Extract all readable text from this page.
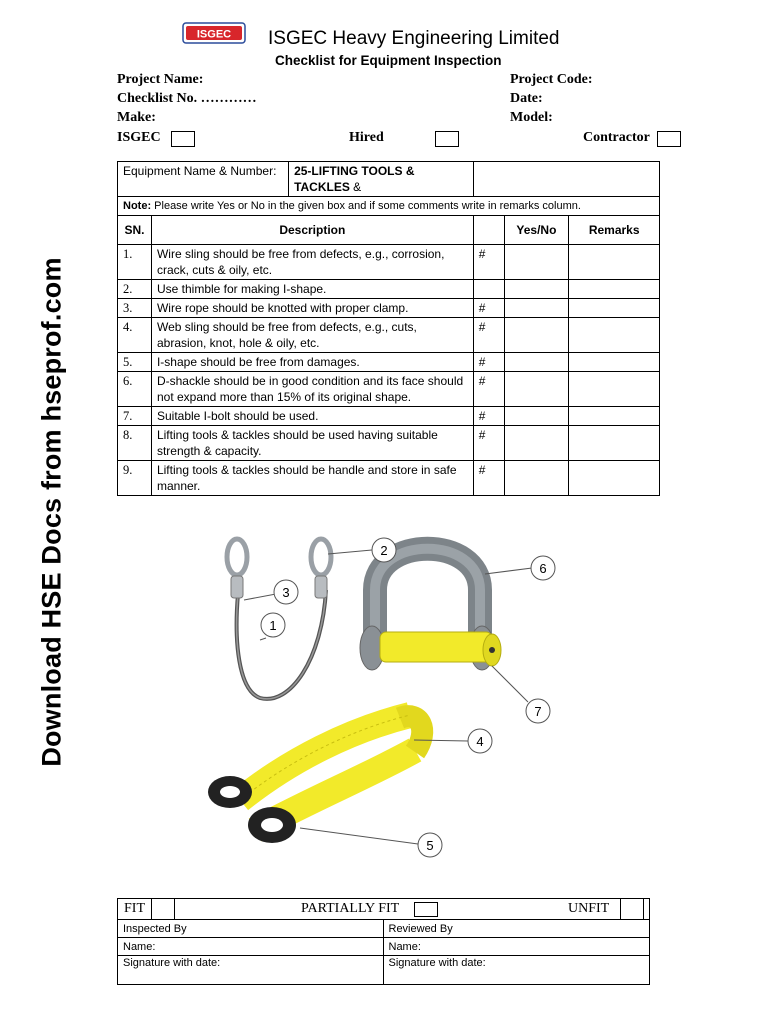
ISGEC ISGEC Heavy Engineering Limited
Checklist for Equipment Inspection
Project Name:	Project Code:
Checklist No. …………	Date:
Make:	Model:
ISGEC	Hired	Contractor
Download HSE Docs from hseprof.com
Equipment Name & Number: 25-LIFTING TOOLS & TACKLES &				

Note: Please write Yes or No in the given box and if some comments write in remarks column.				
SN.	Description		Yes/No	Remarks
1.	Wire sling should be free from defects, e.g., corrosion, crack, cuts & oily, etc.	#		
2.	Use thimble for making I-shape.			
3.	Wire rope should be knotted with proper clamp.	#		
4.	Web sling should be free from defects, e.g., cuts, abrasion, knot, hole & oily, etc.	#		
5.	I-shape should be free from damages.	#		
6.	D-shackle should be in good condition and its face should not expand more than 15% of its original shape.	#		
7.	Suitable I-bolt should be used.	#		
8.	Lifting tools & tackles should be used having suitable strength & capacity.	#		
9.	Lifting tools & tackles should be handle and store in safe manner.	#		
1
2
3
6
7
4
5
FIT PARTIALLY FIT UNFIT	

Inspected By	Reviewed By
Name:	Name:
Signature with date:	Signature with date:
